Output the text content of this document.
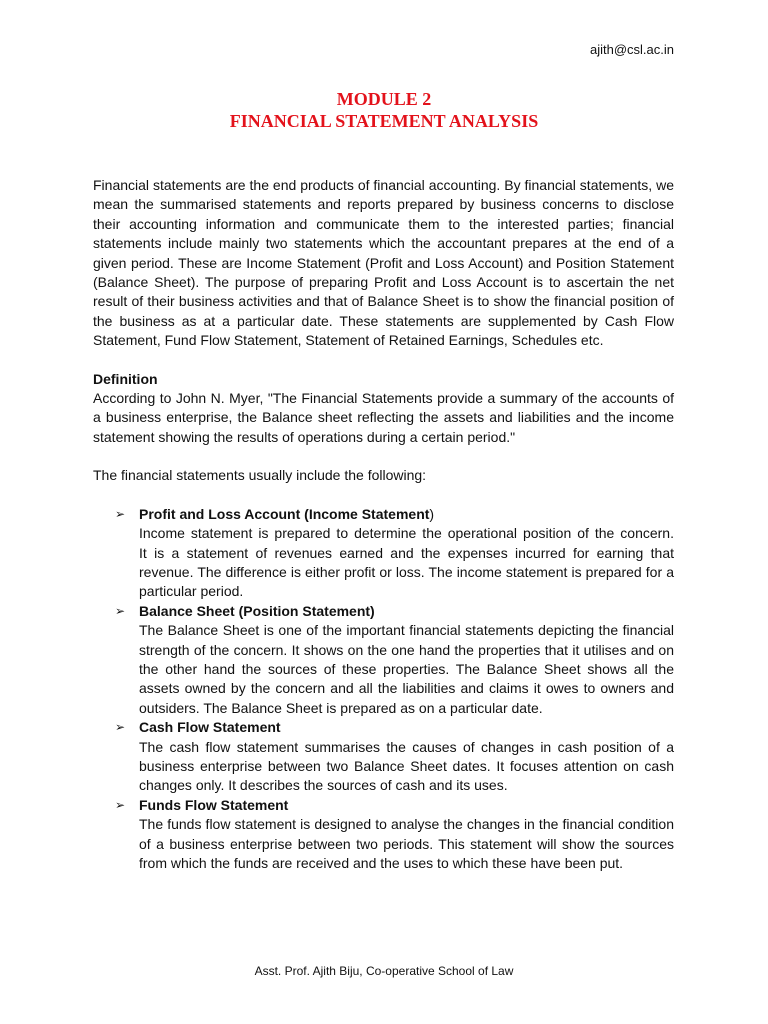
ajith@csl.ac.in
MODULE 2
FINANCIAL STATEMENT ANALYSIS

Financial statements are the end products of financial accounting. By financial statements, we mean the summarised statements and reports prepared by business concerns to disclose their accounting information and communicate them to the interested parties; financial statements include mainly two statements which the accountant prepares at the end of a given period. These are Income Statement (Profit and Loss Account) and Position Statement (Balance Sheet). The purpose of preparing Profit and Loss Account is to ascertain the net result of their business activities and that of Balance Sheet is to show the financial position of the business as at a particular date. These statements are supplemented by Cash Flow Statement, Fund Flow Statement, Statement of Retained Earnings, Schedules etc.

Definition

According to John N. Myer, "The Financial Statements provide a summary of the accounts of a business enterprise, the Balance sheet reflecting the assets and liabilities and the income statement showing the results of operations during a certain period."

The financial statements usually include the following:

➢ Profit and Loss Account (Income Statement)
Income statement is prepared to determine the operational position of the concern.          It is a statement of revenues earned and the expenses incurred for earning that revenue. The difference is either profit or loss. The income statement is prepared for a particular period.
➢ Balance Sheet (Position Statement)
The Balance Sheet is one of the important financial statements depicting the financial strength of the concern. It shows on the one hand the properties that it utilises and on the other hand the sources of these properties. The Balance Sheet shows all the assets owned by the concern and all the liabilities and claims it owes to owners and outsiders. The Balance Sheet is prepared as on a particular date.
➢ Cash Flow Statement
The cash flow statement summarises the causes of changes in cash position of a business enterprise between two Balance Sheet dates. It focuses attention on cash changes only. It describes the sources of cash and its uses.
➢ Funds Flow Statement
The funds flow statement is designed to analyse the changes in the financial condition of a business enterprise between two periods. This statement will show the sources from which the funds are received and the uses to which these have been put.
Asst. Prof. Ajith Biju, Co-operative School of Law
